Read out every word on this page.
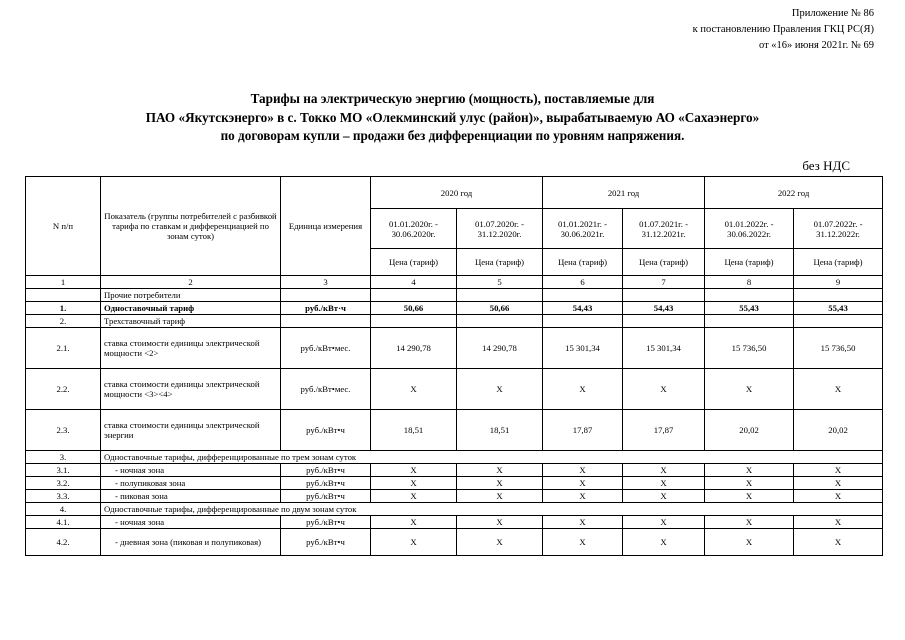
Приложение № 86
к постановлению Правления ГКЦ РС(Я)
от «16» июня 2021г. № 69
Тарифы на электрическую энергию (мощность), поставляемые для
ПАО «Якутскэнерго» в с. Токко МО «Олекминский улус (район)», вырабатываемую АО «Сахаэнерго»
по договорам купли – продажи без дифференциации по уровням напряжения.
без НДС
N п/п	Показатель (группы потребителей с разбивкой тарифа по ставкам и дифференциацией по зонам суток)	Единица измерения	2020 год		2021 год		2022 год	
			01.01.2020г. - 30.06.2020г.	01.07.2020г. - 31.12.2020г.	01.01.2021г. - 30.06.2021г.	01.07.2021г. - 31.12.2021г.	01.01.2022г. - 30.06.2022г.	01.07.2022г. - 31.12.2022г.
			Цена (тариф)	Цена (тариф)	Цена (тариф)	Цена (тариф)	Цена (тариф)	Цена (тариф)
1	2	3	4	5	6	7	8	9
	Прочие потребители							
1.	Одноставочный тариф	руб./кВт·ч	50,66	50,66	54,43	54,43	55,43	55,43
2.	Трехставочный тариф							
2.1.	ставка стоимости единицы электрической мощности <2>	руб./кВт•мес.	14 290,78	14 290,78	15 301,34	15 301,34	15 736,50	15 736,50
2.2.	ставка стоимости единицы электрической мощности <3><4>	руб./кВт•мес.	Х	Х	Х	Х	Х	Х
2.3.	ставка стоимости единицы электрической энергии	руб./кВт•ч	18,51	18,51	17,87	17,87	20,02	20,02
3.	Одноставочные тарифы, дифференцированные по трем зонам суток							
3.1.	- ночная зона	руб./кВт•ч	Х	Х	Х	Х	Х	Х
3.2.	- полупиковая зона	руб./кВт•ч	Х	Х	Х	Х	Х	Х
3.3.	- пиковая зона	руб./кВт•ч	Х	Х	Х	Х	Х	Х
4.	Одноставочные тарифы, дифференцированные по двум зонам суток							
4.1.	- ночная зона	руб./кВт•ч	Х	Х	Х	Х	Х	Х
4.2.	- дневная зона (пиковая и полупиковая)	руб./кВт•ч	Х	Х	Х	Х	Х	Х
